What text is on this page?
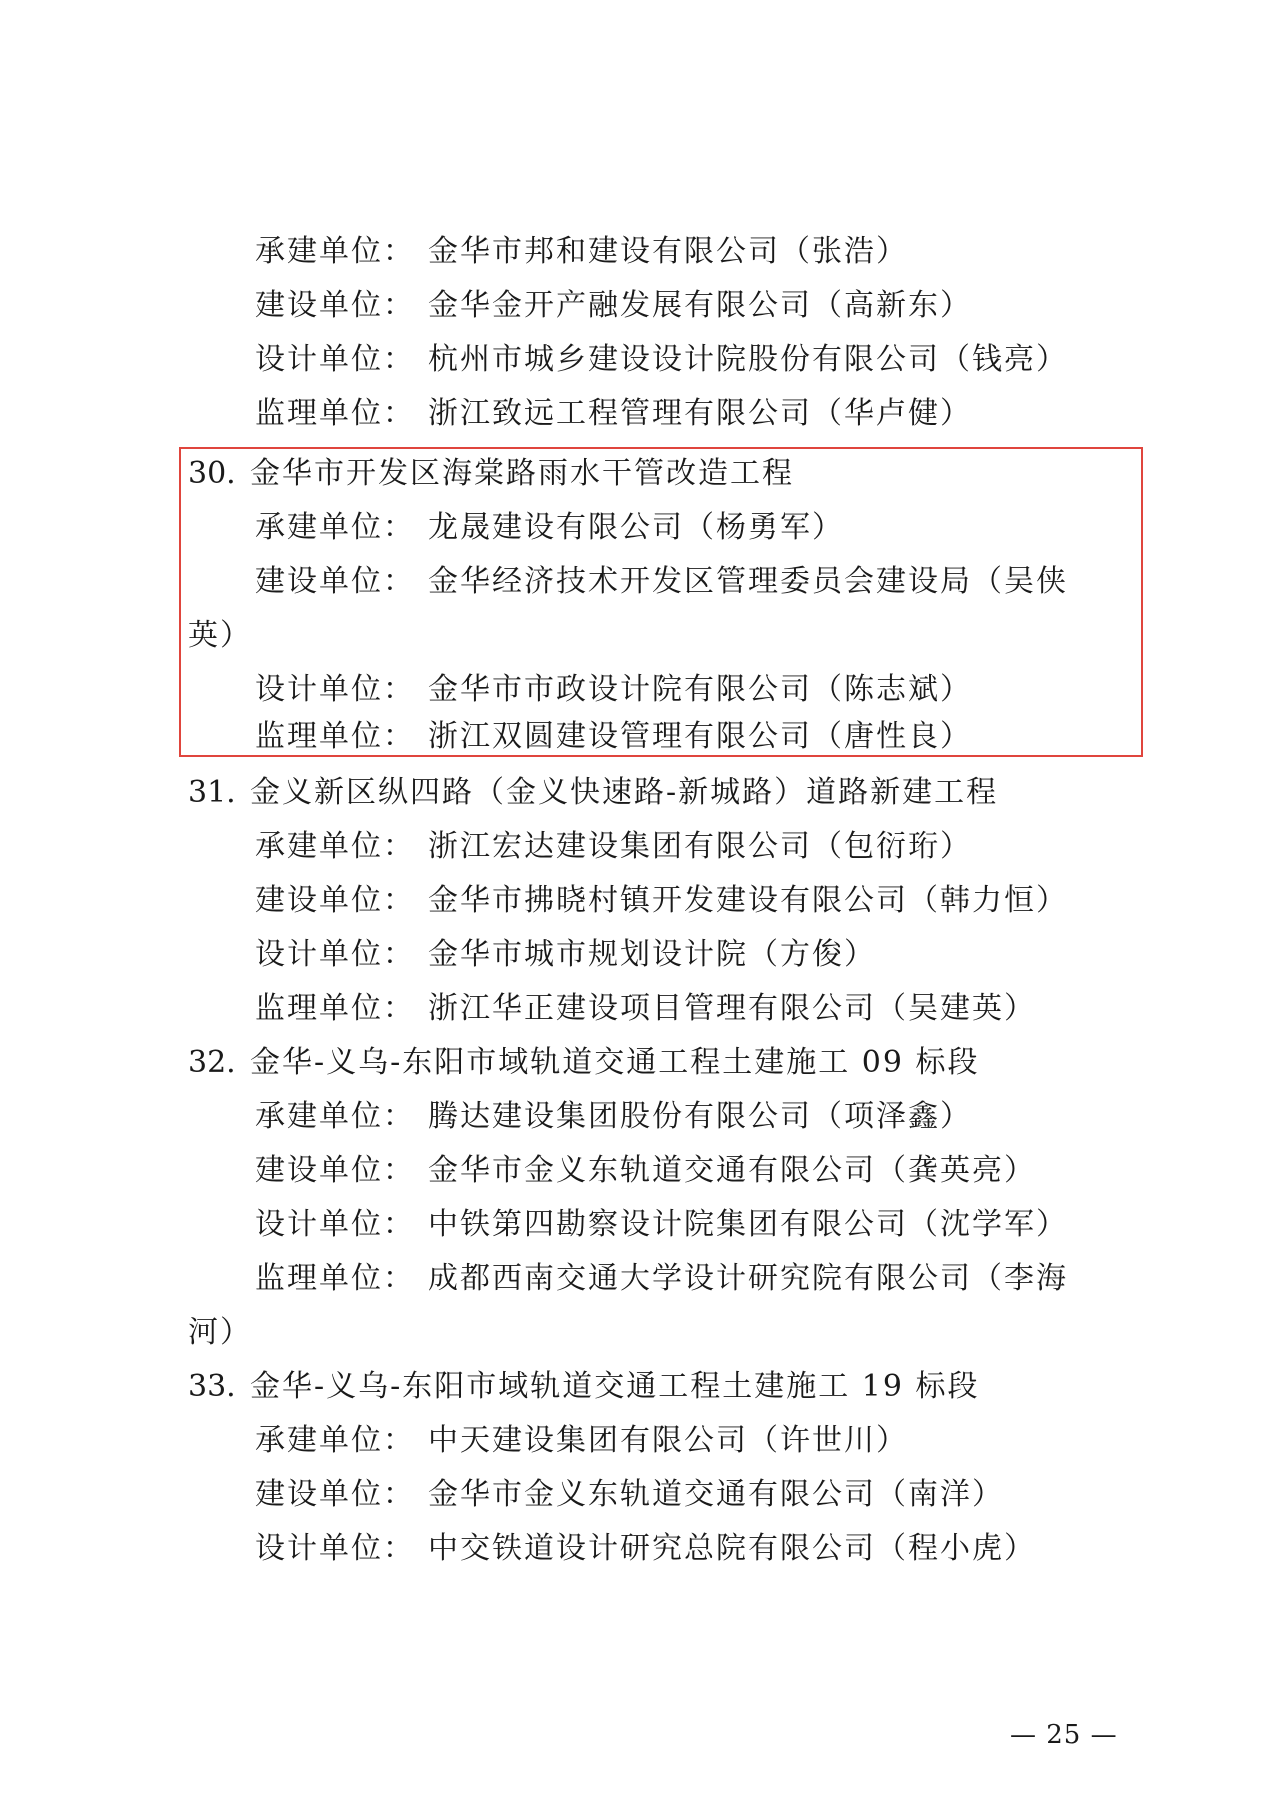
承建单位： 金华市邦和建设有限公司（张浩）
建设单位： 金华金开产融发展有限公司（高新东）
设计单位： 杭州市城乡建设设计院股份有限公司（钱亮）
监理单位： 浙江致远工程管理有限公司（华卢健）
30. 金华市开发区海棠路雨水干管改造工程
承建单位： 龙晟建设有限公司（杨勇军）
建设单位： 金华经济技术开发区管理委员会建设局（吴侠
英）
设计单位： 金华市市政设计院有限公司（陈志斌）
监理单位： 浙江双圆建设管理有限公司（唐性良）
31. 金义新区纵四路（金义快速路-新城路）道路新建工程
承建单位： 浙江宏达建设集团有限公司（包衍珩）
建设单位： 金华市拂晓村镇开发建设有限公司（韩力恒）
设计单位： 金华市城市规划设计院（方俊）
监理单位： 浙江华正建设项目管理有限公司（吴建英）
32. 金华-义乌-东阳市域轨道交通工程土建施工 09 标段
承建单位： 腾达建设集团股份有限公司（项泽鑫）
建设单位： 金华市金义东轨道交通有限公司（龚英亮）
设计单位： 中铁第四勘察设计院集团有限公司（沈学军）
监理单位： 成都西南交通大学设计研究院有限公司（李海
河）
33. 金华-义乌-东阳市域轨道交通工程土建施工 19 标段
承建单位： 中天建设集团有限公司（许世川）
建设单位： 金华市金义东轨道交通有限公司（南洋）
设计单位： 中交铁道设计研究总院有限公司（程小虎）
— 25 —
